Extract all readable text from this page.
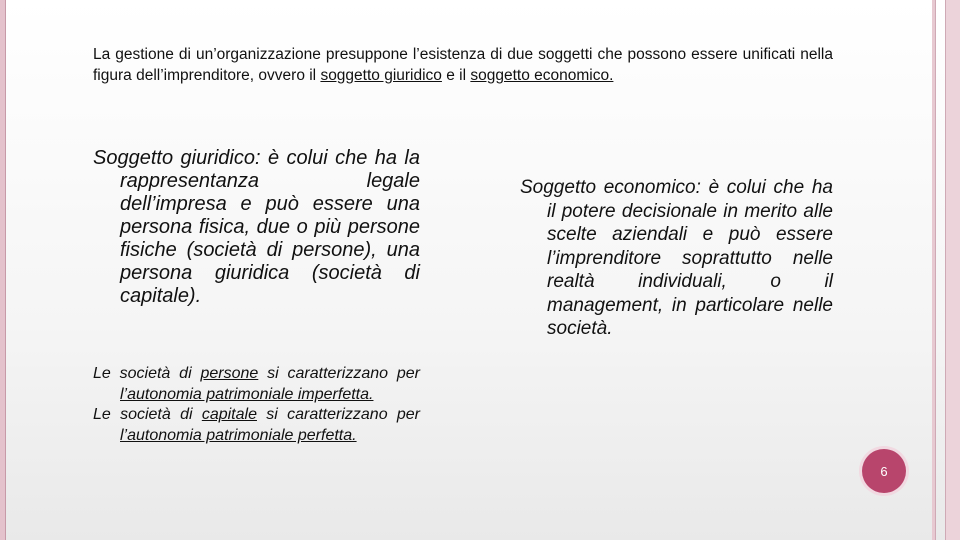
La gestione di un’organizzazione presuppone l’esistenza di due soggetti che possono essere unificati nella figura dell’imprenditore, ovvero il soggetto giuridico e il soggetto economico.

Soggetto giuridico: è colui che ha la rappresentanza legale dell’impresa e può essere una persona fisica, due o più persone fisiche (società di persone), una persona giuridica (società di capitale).

Soggetto economico: è colui che ha il potere decisionale in merito alle scelte aziendali e può essere l’imprenditore soprattutto nelle realtà individuali, o il management, in particolare nelle società.

Le società di persone si caratterizzano per l’autonomia patrimoniale imperfetta.
Le società di capitale si caratterizzano per l’autonomia patrimoniale perfetta.
6
